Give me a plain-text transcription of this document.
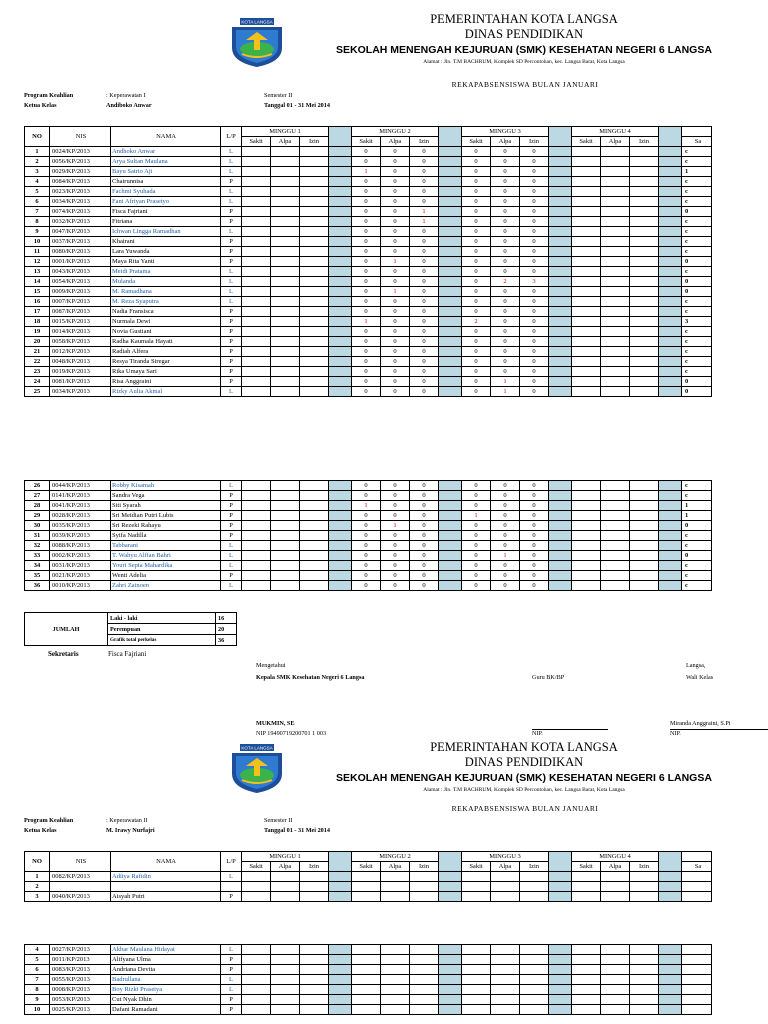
KOTA LANGSA	PEMERINTAHAN KOTA LANGSA
DINAS PENDIDIKAN
SEKOLAH MENENGAH KEJURUAN (SMK) KESEHATAN NEGERI 6 LANGSA
Alamat : Jln. T.M BACHRUM, Komplek SD Percontohan, kec. Langsa Barat, Kota Langsa
REKAPABSENSISWA BULAN JANUARI
Program Keahlian	: Keperawatan I
Ketua Kelas	Andiboko Anwar
Semester II
Tanggal 01 - 31 Mei 2014
NO	NIS	NAMA	L/P	MINGGU 1				MINGGU 2				MINGGU 3				MINGGU 4				
				Sakit	Alpa	Izin		Sakit	Alpa	Izin		Sakit	Alpa	Izin		Sakit	Alpa	Izin		Sa
1	0024/KP/2013	Andhoko Anwar	L					0	0	0		0	0	0						c
2	0056/KP/2013	Arya Sultan Maulana	L					0	0	0		0	0	0						c
3	0029/KP/2013	Bayu Satrio Aji	L					1	0	0		0	0	0						1
4	0084/KP/2013	Chairunnisa	P					0	0	0		0	0	0						c
5	0023/KP/2013	Fachmi Syuhada	L					0	0	0		0	0	0						c
6	0034/KP/2013	Fani Afriyan Prasetyo	L					0	0	0		0	0	0						c
7	0074/KP/2013	Fisca Fajriani	P					0	0	1		0	0	0						0
8	0032/KP/2013	Fitriana	P					0	0	1		0	0	0						c
9	0047/KP/2013	Ichwan Lingga Ramadhan	L					0	0	0		0	0	0						c
10	0037/KP/2013	Khairani	P					0	0	0		0	0	0						c
11	0080/KP/2013	Lara Yuwanda	P					0	0	0		0	0	0						c
12	0001/KP/2013	Maya Rita Yanti	P					0	1	0		0	0	0						0
13	0043/KP/2013	Meidi Pratama	L					0	0	0		0	0	0						c
14	0054/KP/2013	Mulanda	L					0	0	0		0	2	3						0
15	0009/KP/2013	M. Ramadhana	L					0	1	0		0	0	0						0
16	0007/KP/2013	M. Reza Syaputra	L					0	0	0		0	0	0						c
17	0087/KP/2013	Nadia Fransisca	P					0	0	0		0	0	0						c
18	0015/KP/2013	Nurmala Dewi	P					1	0	0		2	0	0						3
19	0014/KP/2013	Novia Gustiani	P					0	0	0		0	0	0						c
20	0058/KP/2013	Radha Kaumala Hayati	P					0	0	0		0	0	0						c
21	0012/KP/2013	Radiah Alfera	P					0	0	0		0	0	0						c
22	0048/KP/2013	Resya Tiranda Siregar	P					0	0	0		0	0	0						c
23	0019/KP/2013	Rika Umaya Sari	P					0	0	0		0	0	0						c
24	0081/KP/2013	Risa Anggraini	P					0	0	0		0	1	0						0
25	0034/KP/2013	Rizky Aulia Akmal	L					0	0	0		0	1	0						0
26	0044/KP/2013	Robby Kisamah	L					0	0	0		0	0	0						c
27	0141/KP/2013	Sandra Vega	P					0	0	0		0	0	0						c
28	0041/KP/2013	Siti Syarah	P					1	0	0		0	0	0						1
29	0028/KP/2013	Sri Meidian Putri Lubis	P					0	0	0		1	0	0						1
30	0035/KP/2013	Sri Rezeki Rahayu	P					0	1	0		0	0	0						0
31	0039/KP/2013	Syifa Nadilla	P					0	0	0		0	0	0						c
32	0088/KP/2013	Tabbarani	L					0	0	0		0	0	0						c
33	0002/KP/2013	T. Wahyu Alfian Bahri	L					0	0	0		0	1	0						0
34	0031/KP/2013	Youri Septa Mahardika	L					0	0	0		0	0	0						c
35	0021/KP/2013	Wenti Adelia	P					0	0	0		0	0	0						c
36	0010/KP/2013	Zahri Zainoen	L					0	0	0		0	0	0						c
JUMLAH	Laki - laki	16
	Perempuan	20
	Grafik total perkelas	36
Sekretaris	Fisca Fajriani
Mengetahui
Kepala SMK Kesehatan Negeri 6 Langsa	Guru BK/BP
Langsa,
Wali Kelas
MUKMIN, SE
NIP 19490719200701 1 003	NIP.
Miranda Anggraini, S.Pi
NIP.
KOTA LANGSA	PEMERINTAHAN KOTA LANGSA
DINAS PENDIDIKAN
SEKOLAH MENENGAH KEJURUAN (SMK) KESEHATAN NEGERI 6 LANGSA
Alamat : Jln. T.M BACHRUM, Komplek SD Percontohan, kec. Langsa Barat, Kota Langsa
REKAPABSENSISWA BULAN JANUARI
Program Keahlian	: Keperawatan II
Ketua Kelas	M. Irawy Nurfajri
Semester II
Tanggal 01 - 31 Mei 2014
NO	NIS	NAMA	L/P	MINGGU 1				MINGGU 2				MINGGU 3				MINGGU 4				
				Sakit	Alpa	Izin		Sakit	Alpa	Izin		Sakit	Alpa	Izin		Sakit	Alpa	Izin		Sa
1	0082/KP/2013	Aditya Rafidin	L																	
2																				
3	0040/KP/2013	Aisyah Putri	P																	
4	0027/KP/2013	Akbar Maulana Hidayat	L																	
5	0011/KP/2013	Alifyana Ulma	P																	
6	0083/KP/2013	Andriana Devita	P																	
7	0055/KP/2013	Badrullana	L																	
8	0008/KP/2013	Boy Rizki Prasetya	L																	
9	0053/KP/2013	Cut Nyak Dhin	P																	
10	0025/KP/2013	Dafani Ramadani	P																	
